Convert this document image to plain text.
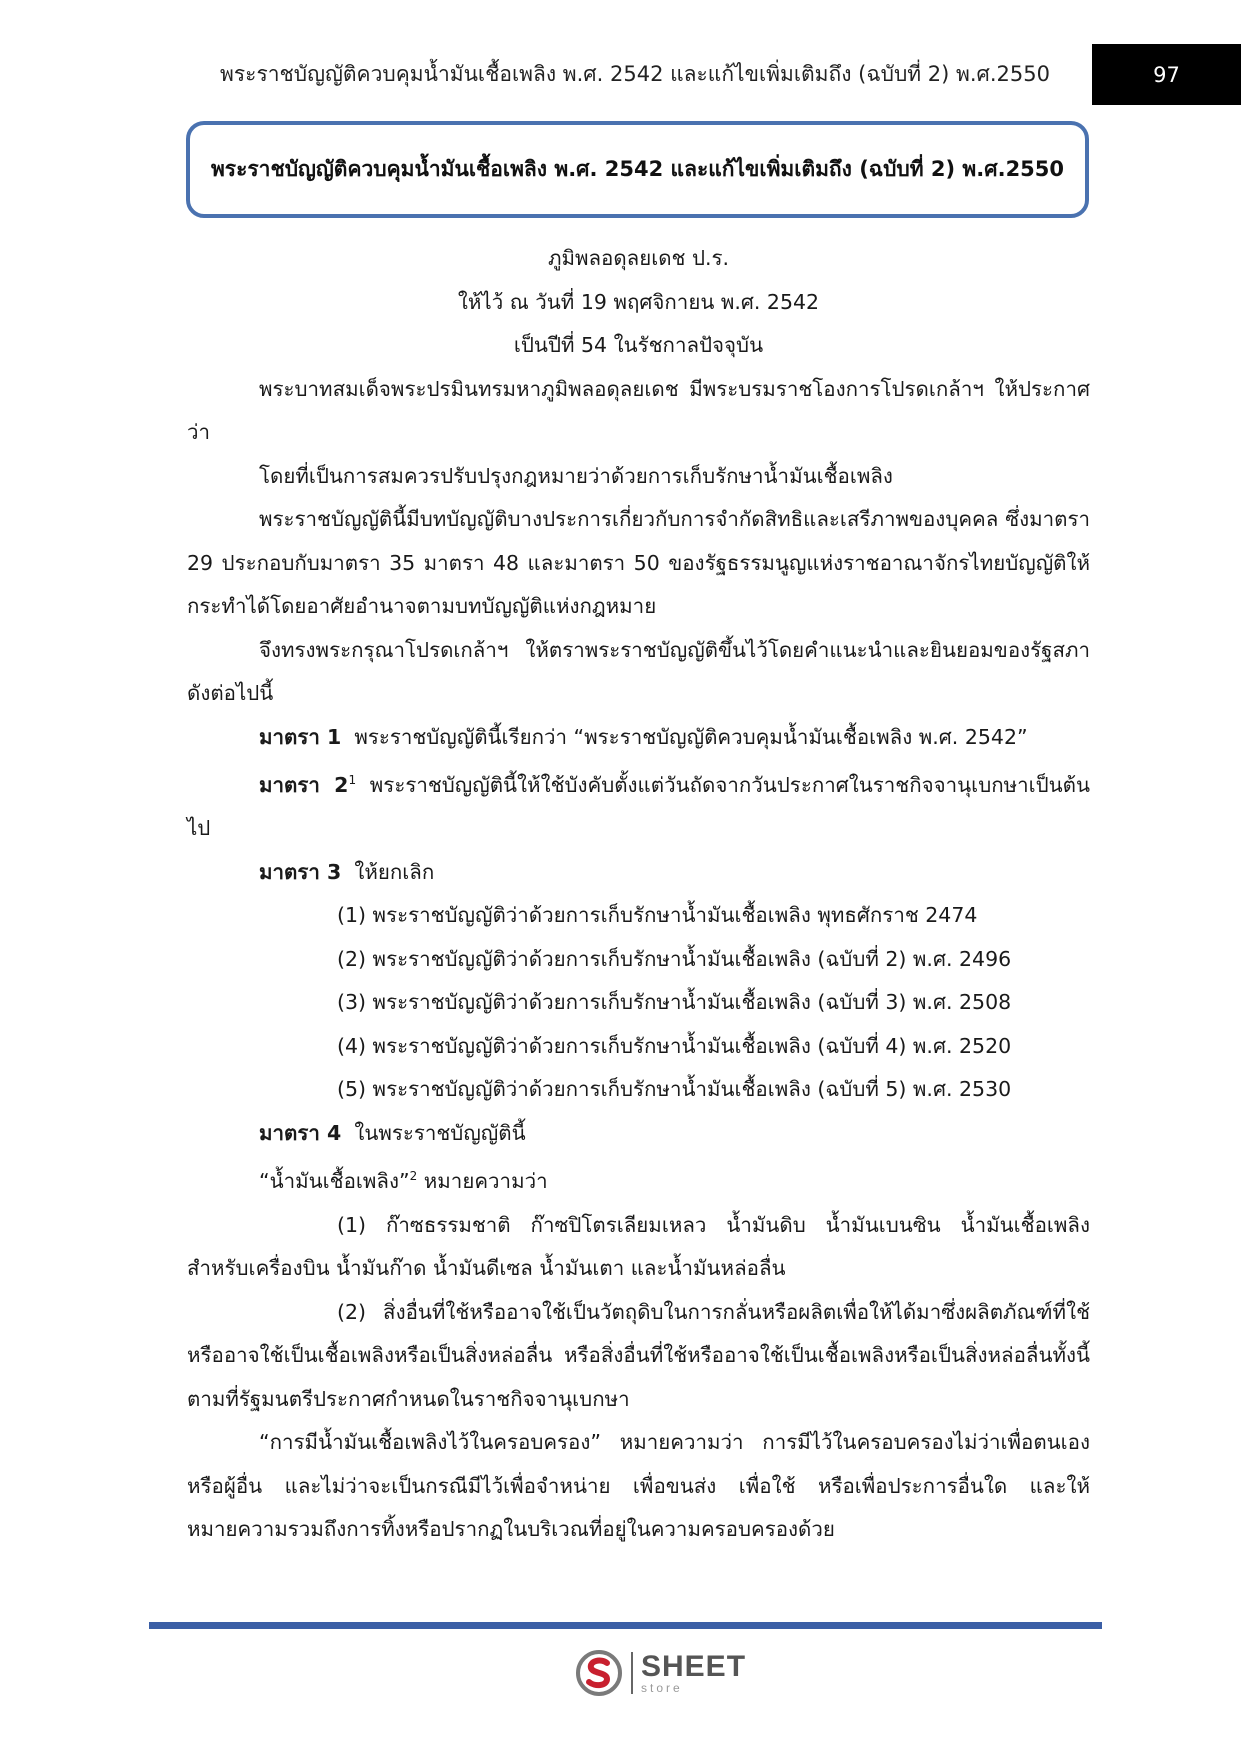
พระราชบัญญัติควบคุมน้ำมันเชื้อเพลิง พ.ศ. 2542 และแก้ไขเพิ่มเติมถึง (ฉบับที่ 2) พ.ศ.2550	97
พระราชบัญญัติควบคุมน้ำมันเชื้อเพลิง พ.ศ. 2542 และแก้ไขเพิ่มเติมถึง (ฉบับที่ 2) พ.ศ.2550
ภูมิพลอดุลยเดช ป.ร.
ให้ไว้ ณ วันที่ 19 พฤศจิกายน พ.ศ. 2542
เป็นปีที่ 54 ในรัชกาลปัจจุบัน
พระบาทสมเด็จพระปรมินทรมหาภูมิพลอดุลยเดช มีพระบรมราชโองการโปรดเกล้าฯ ให้ประกาศว่า
โดยที่เป็นการสมควรปรับปรุงกฎหมายว่าด้วยการเก็บรักษาน้ำมันเชื้อเพลิง
พระราชบัญญัตินี้มีบทบัญญัติบางประการเกี่ยวกับการจำกัดสิทธิและเสรีภาพของบุคคล ซึ่งมาตรา 29 ประกอบกับมาตรา 35 มาตรา 48 และมาตรา 50 ของรัฐธรรมนูญแห่งราชอาณาจักรไทยบัญญัติให้กระทำได้โดยอาศัยอำนาจตามบทบัญญัติแห่งกฎหมาย
จึงทรงพระกรุณาโปรดเกล้าฯ ให้ตราพระราชบัญญัติขึ้นไว้โดยคำแนะนำและยินยอมของรัฐสภาดังต่อไปนี้
มาตรา 1 พระราชบัญญัตินี้เรียกว่า “พระราชบัญญัติควบคุมน้ำมันเชื้อเพลิง พ.ศ. 2542”
มาตรา $2^1$ พระราชบัญญัตินี้ให้ใช้บังคับตั้งแต่วันถัดจากวันประกาศในราชกิจจานุเบกษาเป็นต้นไป
มาตรา 3 ให้ยกเลิก
(1) พระราชบัญญัติว่าด้วยการเก็บรักษาน้ำมันเชื้อเพลิง พุทธศักราช 2474
(2) พระราชบัญญัติว่าด้วยการเก็บรักษาน้ำมันเชื้อเพลิง (ฉบับที่ 2) พ.ศ. 2496
(3) พระราชบัญญัติว่าด้วยการเก็บรักษาน้ำมันเชื้อเพลิง (ฉบับที่ 3) พ.ศ. 2508
(4) พระราชบัญญัติว่าด้วยการเก็บรักษาน้ำมันเชื้อเพลิง (ฉบับที่ 4) พ.ศ. 2520
(5) พระราชบัญญัติว่าด้วยการเก็บรักษาน้ำมันเชื้อเพลิง (ฉบับที่ 5) พ.ศ. 2530
มาตรา 4 ในพระราชบัญญัตินี้
“น้ำมันเชื้อเพลิง”$^2$ หมายความว่า
(1) ก๊าซธรรมชาติ ก๊าซปิโตรเลียมเหลว น้ำมันดิบ น้ำมันเบนซิน น้ำมันเชื้อเพลิง สำหรับเครื่องบิน น้ำมันก๊าด น้ำมันดีเซล น้ำมันเตา และน้ำมันหล่อลื่น
(2) สิ่งอื่นที่ใช้หรืออาจใช้เป็นวัตถุดิบในการกลั่นหรือผลิตเพื่อให้ได้มาซึ่งผลิตภัณฑ์ที่ใช้หรืออาจใช้เป็นเชื้อเพลิงหรือเป็นสิ่งหล่อลื่น หรือสิ่งอื่นที่ใช้หรืออาจใช้เป็นเชื้อเพลิงหรือเป็นสิ่งหล่อลื่นทั้งนี้ ตามที่รัฐมนตรีประกาศกำหนดในราชกิจจานุเบกษา
“การมีน้ำมันเชื้อเพลิงไว้ในครอบครอง” หมายความว่า การมีไว้ในครอบครองไม่ว่าเพื่อตนเองหรือผู้อื่น และไม่ว่าจะเป็นกรณีมีไว้เพื่อจำหน่าย เพื่อขนส่ง เพื่อใช้ หรือเพื่อประการอื่นใด และให้หมายความรวมถึงการทิ้งหรือปรากฏในบริเวณที่อยู่ในความครอบครองด้วย
SHEET
store
